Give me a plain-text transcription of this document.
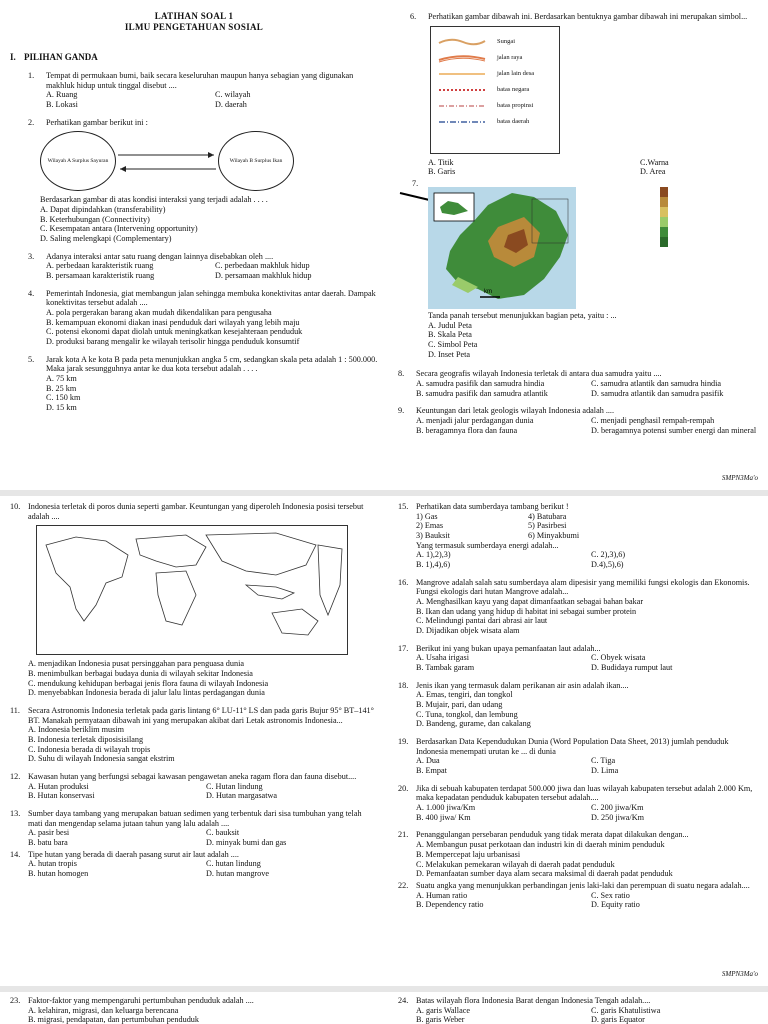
LATIHAN SOAL 1
ILMU PENGETAHUAN SOSIAL
I. PILIHAN GANDA
1.	Tempat di permukaan bumi, baik secara keseluruhan maupun hanya sebagian yang digunakan makhluk hidup untuk tinggal disebut ....
A. Ruang	C. wilayah
B. Lokasi	D. daerah
2.	Perhatikan gambar berikut ini :
Wilayah A Surplus Sayuran	Wilayah B Surplus Ikan
Berdasarkan gambar di atas kondisi interaksi yang terjadi adalah . . . .
A. Dapat dipindahkan (transferability)
B. Keterhubungan (Connectivity)
C. Kesempatan antara (Intervening opportunity)
D. Saling melengkapi (Complementary)
3.	Adanya interaksi antar satu ruang dengan lainnya disebabkan oleh ....
A. perbedaan karakteristik ruang	C. perbedaan makhluk hidup
B. persamaan karakteristik ruang	D. persamaan makhluk hidup
4.	Pemerintah Indonesia, giat membangun jalan sehingga membuka konektivitas antar daerah. Dampak konektivitas tersebut adalah ....
A. pola pergerakan barang akan mudah dikendalikan para pengusaha
B. kemampuan ekonomi diakan inasi penduduk dari wilayah yang lebih maju
C. potensi ekonomi dapat diolah untuk meningkatkan kesejahteraan penduduk
D. produksi barang mengalir ke wilayah terisolir hingga penduduk konsumtif
5.	Jarak kota A ke kota B pada peta menunjukkan angka 5 cm, sedangkan skala peta adalah 1 : 500.000. Maka jarak sesungguhnya antar ke dua kota tersebut adalah . . . .
A. 75 km
B. 25 km
C. 150 km
D. 15 km
6.	Perhatikan gambar dibawah ini. Berdasarkan bentuknya gambar dibawah ini merupakan simbol...
Sungai
jalan raya
jalan lain desa
batas negara
batas propinsi
batas daerah
A. Titik	C.Warna
B. Garis	D. Area
7.
km
Tanda panah tersebut menunjukkan bagian peta, yaitu : ...
A. Judul Peta
B. Skala Peta
C. Simbol Peta
D. Inset Peta
8.	Secara geografis wilayah Indonesia terletak di antara dua samudra yaitu ....
A. samudra pasifik dan samudra hindia	C. samudra atlantik dan samudra hindia
B. samudra pasifik dan samudra atlantik	D. samudra atlantik dan samudra pasifik
9.	Keuntungan dari letak geologis wilayah Indonesia adalah ....
A. menjadi jalur perdagangan dunia	C. menjadi penghasil rempah-rempah
B. beragamnya flora dan fauna	D. beragamnya potensi sumber energi dan mineral
SMPN3Ma'o
10. Indonesia terletak di poros dunia seperti gambar. Keuntungan yang diperoleh Indonesia posisi tersebut adalah ....
A. menjadikan Indonesia pusat persinggahan para penguasa dunia
B. menimbulkan berbagai budaya dunia di wilayah sekitar Indonesia
C. mendukung kehidupan berbagai jenis flora fauna di wilayah Indonesia
D. menyebabkan Indonesia berada di jalur lalu lintas perdagangan dunia
11. Secara Astronomis Indonesia terletak pada garis lintang 6° LU-11° LS dan pada garis Bujur 95° BT–141° BT. Manakah pernyataan dibawah ini yang merupakan akibat dari Letak astronomis Indonesia...
A. Indonesia beriklim musim
B. Indonesia terletak diposisisilang
C. Indonesia berada di wilayah tropis
D. Suhu di wilayah Indonesia sangat ekstrim
12. Kawasan hutan yang berfungsi sebagai kawasan pengawetan aneka ragam flora dan fauna disebut....
A. Hutan produksi	C. Hutan lindung
B. Hutan konservasi	D. Hutan margasatwa
13. Sumber daya tambang yang merupakan batuan sedimen yang terbentuk dari sisa tumbuhan yang telah mati dan mengendap selama jutaan tahun yang lalu adalah ....
A. pasir besi	C. bauksit
B. batu bara	D. minyak bumi dan gas
14. Tipe hutan yang berada di daerah pasang surut air laut adalah ....
A. hutan tropis	C. hutan lindung
B. hutan homogen	D. hutan mangrove
15. Perhatikan data sumberdaya tambang berikut !
1) Gas	4) Batubara
2) Emas	5) Pasirbesi
3) Bauksit	6) Minyakbumi
Yang termasuk sumberdaya energi adalah...
A. 1),2),3)	C. 2),3),6)
B. 1),4),6)	D.4),5),6)
16. Mangrove adalah salah satu sumberdaya alam dipesisir yang memiliki fungsi ekologis dan Ekonomis. Fungsi ekologis dari hutan Mangrove adalah...
A. Menghasilkan kayu yang dapat dimanfaatkan sebagai bahan bakar
B. Ikan dan udang yang hidup di habitat ini sebagai sumber protein
C. Melindungi pantai dari abrasi air laut
D. Dijadikan objek wisata alam
17. Berikut ini yang bukan upaya pemanfaatan laut adalah...
A. Usaha irigasi	C. Obyek wisata
B. Tambak garam	D. Budidaya rumput laut
18. Jenis ikan yang termasuk dalam perikanan air asin adalah ikan....
A. Emas, tengiri, dan tongkol
B. Mujair, pari, dan udang
C. Tuna, tongkol, dan lembung
D. Bandeng, gurame, dan cakalang
19. Berdasarkan Data Kependudukan Dunia (Word Population Data Sheet, 2013) jumlah penduduk Indonesia menempati urutan ke ... di dunia
A. Dua	C. Tiga
B. Empat	D. Lima
20. Jika di sebuah kabupaten terdapat 500.000 jiwa dan luas wilayah kabupaten tersebut adalah 2.000 Km, maka kepadatan penduduk kabupaten tersebut adalah....
A. 1.000 jiwa/Km	C. 200 jiwa/Km
B. 400 jiwa/ Km	D. 250 jiwa/Km
21. Penanggulangan persebaran penduduk yang tidak merata dapat dilakukan dengan...
A. Membangun pusat perkotaan dan industri kin di daerah minim penduduk
B. Mempercepat laju urbanisasi
C. Melakukan pemekaran wilayah di daerah padat penduduk
D. Pemanfaatan sumber daya alam secara maksimal di daerah padat penduduk
22. Suatu angka yang menunjukkan perbandingan jenis laki-laki dan perempuan di suatu negara adalah....
A. Human ratio	C. Sex ratio
B. Dependency ratio	D. Equity ratio
SMPN3Ma'o
23. Faktor-faktor yang mempengaruhi pertumbuhan penduduk adalah ....
A. kelahiran, migrasi, dan keluarga berencana
B. migrasi, pendapatan, dan pertumbuhan penduduk
24. Batas wilayah flora Indonesia Barat dengan Indonesia Tengah adalah....
A. garis Wallace	C. garis Khatulistiwa
B. garis Weber	D. garis Equator
